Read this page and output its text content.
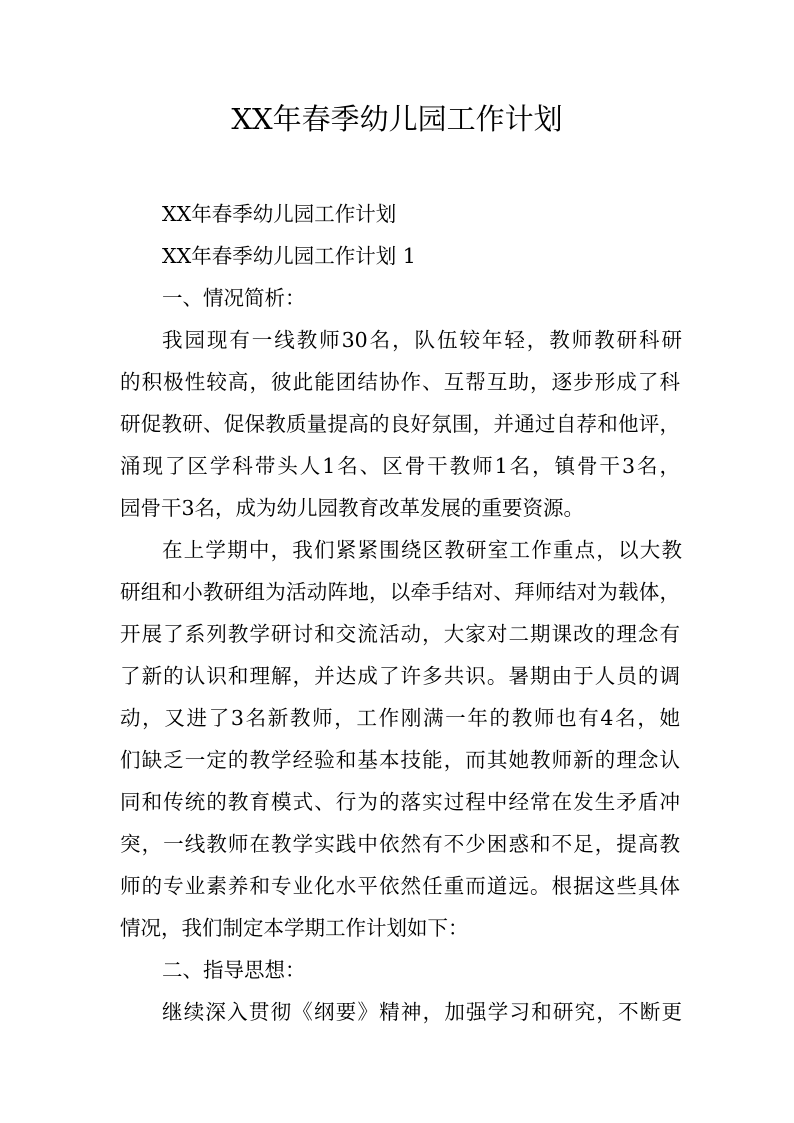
XX年春季幼儿园工作计划

XX年春季幼儿园工作计划

XX年春季幼儿园工作计划 1

一、情况简析：

我园现有一线教师30名，队伍较年轻，教师教研科研

的积极性较高，彼此能团结协作、互帮互助，逐步形成了科

研促教研、促保教质量提高的良好氛围，并通过自荐和他评，

涌现了区学科带头人1名、区骨干教师1名，镇骨干3名，

园骨干3名，成为幼儿园教育改革发展的重要资源。

在上学期中，我们紧紧围绕区教研室工作重点，以大教

研组和小教研组为活动阵地，以牵手结对、拜师结对为载体，

开展了系列教学研讨和交流活动，大家对二期课改的理念有

了新的认识和理解，并达成了许多共识。暑期由于人员的调

动，又进了3名新教师，工作刚满一年的教师也有4名，她

们缺乏一定的教学经验和基本技能，而其她教师新的理念认

同和传统的教育模式、行为的落实过程中经常在发生矛盾冲

突，一线教师在教学实践中依然有不少困惑和不足，提高教

师的专业素养和专业化水平依然任重而道远。根据这些具体

情况，我们制定本学期工作计划如下：

二、指导思想：

继续深入贯彻《纲要》精神，加强学习和研究，不断更
